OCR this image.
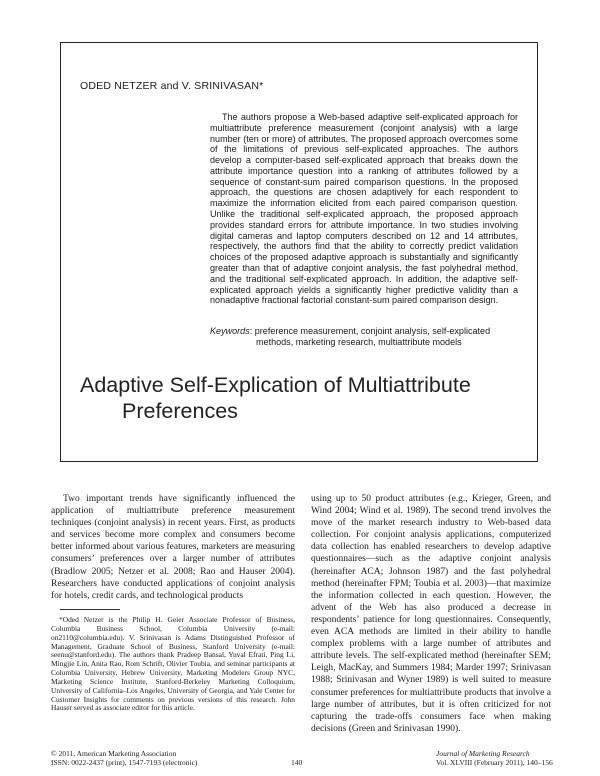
ODED NETZER and V. SRINIVASAN*

The authors propose a Web-based adaptive self-explicated approach for multiattribute preference measurement (conjoint analysis) with a large number (ten or more) of attributes. The proposed approach overcomes some of the limitations of previous self-explicated approaches. The authors develop a computer-based self-explicated approach that breaks down the attribute importance question into a ranking of attributes followed by a sequence of constant-sum paired comparison questions. In the proposed approach, the questions are chosen adaptively for each respondent to maximize the information elicited from each paired comparison question. Unlike the traditional self-explicated approach, the proposed approach provides standard errors for attribute importance. In two studies involving digital cameras and laptop computers described on 12 and 14 attributes, respectively, the authors find that the ability to correctly predict validation choices of the proposed adaptive approach is substantially and significantly greater than that of adaptive conjoint analysis, the fast polyhedral method, and the traditional self-explicated approach. In addition, the adaptive self-explicated approach yields a significantly higher predictive validity than a nonadaptive fractional factorial constant-sum paired comparison design.

Keywords: preference measurement, conjoint analysis, self-explicated methods, marketing research, multiattribute models

Adaptive Self-Explication of Multiattribute
Preferences

Two important trends have significantly influenced the application of multiattribute preference measurement techniques (conjoint analysis) in recent years. First, as products and services become more complex and consumers become better informed about various features, marketers are measuring consumers’ preferences over a larger number of attributes (Bradlow 2005; Netzer et al. 2008; Rao and Hauser 2004). Researchers have conducted applications of conjoint analysis for hotels, credit cards, and technological products

using up to 50 product attributes (e.g., Krieger, Green, and Wind 2004; Wind et al. 1989). The second trend involves the move of the market research industry to Web-based data collection. For conjoint analysis applications, computerized data collection has enabled researchers to develop adaptive questionnaires—such as the adaptive conjoint analysis (hereinafter ACA; Johnson 1987) and the fast polyhedral method (hereinafter FPM; Toubia et al. 2003)—that maximize the information collected in each question. However, the advent of the Web has also produced a decrease in respondents’ patience for long questionnaires. Consequently, even ACA methods are limited in their ability to handle complex problems with a large number of attributes and attribute levels. The self-explicated method (hereinafter SEM; Leigh, MacKay, and Summers 1984; Marder 1997; Srinivasan 1988; Srinivasan and Wyner 1989) is well suited to measure consumer preferences for multiattribute products that involve a large number of attributes, but it is often criticized for not capturing the trade-offs consumers face when making decisions (Green and Srinivasan 1990).

*Oded Netzer is the Philip H. Geier Associate Professor of Business, Columbia Business School, Columbia University (e-mail: on2110@columbia.edu). V. Srinivasan is Adams Distinguished Professor of Management, Graduate School of Business, Stanford University (e-mail: seenu@stanford.edu). The authors thank Pradeep Bansal, Yuval Efrati, Ping Li, Mingjie Lin, Anita Rao, Rom Schrift, Olivier Toubia, and seminar participants at Columbia University, Hebrew University, Marketing Modelers Group NYC, Marketing Science Institute, Stanford-Berkeley Marketing Colloquium, University of California–Los Angeles, University of Georgia, and Yale Center for Customer Insights for comments on previous versions of this research. John Hauser served as associate editor for this article.

© 2011, American Marketing Association
ISSN: 0022-2437 (print), 1547-7193 (electronic)	140
Journal of Marketing Research
Vol. XLVIII (February 2011), 140–156
